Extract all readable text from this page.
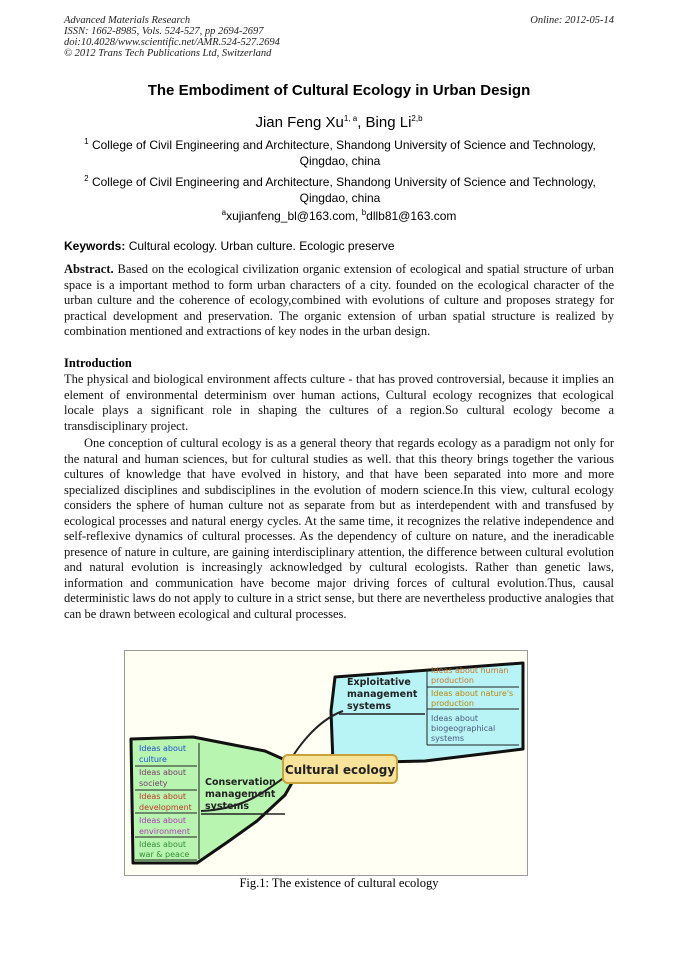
Advanced Materials Research
ISSN: 1662-8985, Vols. 524-527, pp 2694-2697
doi:10.4028/www.scientific.net/AMR.524-527.2694
© 2012 Trans Tech Publications Ltd, Switzerland
Online: 2012-05-14
The Embodiment of Cultural Ecology in Urban Design
Jian Feng Xu$^{1, a}$, Bing Li$^{2,b}$
$^1$ College of Civil Engineering and Architecture, Shandong University of Science and Technology,
Qingdao, china
$^2$ College of Civil Engineering and Architecture, Shandong University of Science and Technology,
Qingdao, china
$^a$xujianfeng_bl@163.com, $^b$dllb81@163.com
Keywords: Cultural ecology. Urban culture. Ecologic preserve

Abstract. Based on the ecological civilization organic extension of ecological and spatial structure of urban space is a important method to form urban characters of a city. founded on the ecological character of the urban culture and the coherence of ecology,combined with evolutions of culture and proposes strategy for practical development and preservation. The organic extension of urban spatial structure is realized by combination mentioned and extractions of key nodes in the urban design.

Introduction

The physical and biological environment affects culture - that has proved controversial, because it implies an element of environmental determinism over human actions, Cultural ecology recognizes that ecological locale plays a significant role in shaping the cultures of a region.So cultural ecology become a transdisciplinary project.

One conception of cultural ecology is as a general theory that regards ecology as a paradigm not only for the natural and human sciences, but for cultural studies as well. that this theory brings together the various cultures of knowledge that have evolved in history, and that have been separated into more and more specialized disciplines and subdisciplines in the evolution of modern science.In this view, cultural ecology considers the sphere of human culture not as separate from but as interdependent with and transfused by ecological processes and natural energy cycles. At the same time, it recognizes the relative independence and self-reflexive dynamics of cultural processes. As the dependency of culture on nature, and the ineradicable presence of nature in culture, are gaining interdisciplinary attention, the difference between cultural evolution and natural evolution is increasingly acknowledged by cultural ecologists. Rather than genetic laws, information and communication have become major driving forces of cultural evolution.Thus, causal deterministic laws do not apply to culture in a strict sense, but there are nevertheless productive analogies that can be drawn between ecological and cultural processes.

Cultural ecology
Exploitative
management
systems
Ideas about human
production
Ideas about nature's
production
Ideas about
biogeographical
systems
Conservation
management
systems
Ideas about
culture
Ideas about
society
Ideas about
development
Ideas about
environment
Ideas about
war & peace
Fig.1: The existence of cultural ecology
